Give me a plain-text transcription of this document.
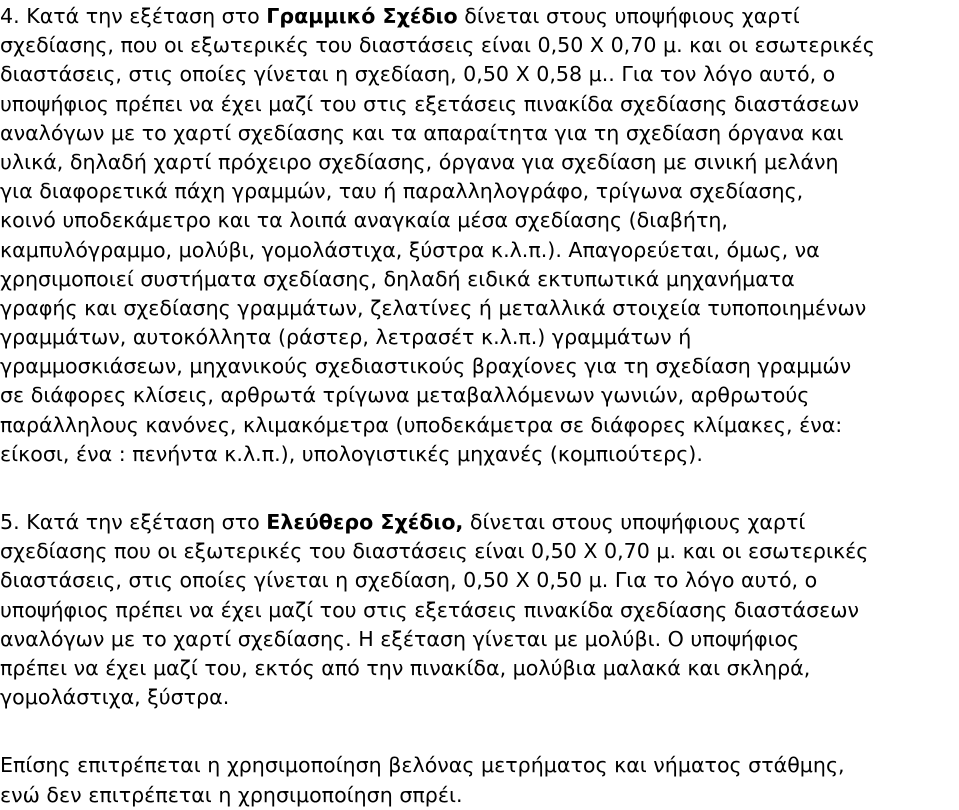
4. Κατά την εξέταση στο Γραμμικό Σχέδιο δίνεται στους υποψήφιους χαρτί
σχεδίασης, που οι εξωτερικές του διαστάσεις είναι 0,50 Χ 0,70 μ. και οι εσωτερικές
διαστάσεις, στις οποίες γίνεται η σχεδίαση, 0,50 Χ 0,58 μ.. Για τον λόγο αυτό, ο
υποψήφιος πρέπει να έχει μαζί του στις εξετάσεις πινακίδα σχεδίασης διαστάσεων
αναλόγων με το χαρτί σχεδίασης και τα απαραίτητα για τη σχεδίαση όργανα και
υλικά, δηλαδή χαρτί πρόχειρο σχεδίασης, όργανα για σχεδίαση με σινική μελάνη
για διαφορετικά πάχη γραμμών, ταυ ή παραλληλογράφο, τρίγωνα σχεδίασης,
κοινό υποδεκάμετρο και τα λοιπά αναγκαία μέσα σχεδίασης (διαβήτη,
καμπυλόγραμμο, μολύβι, γομολάστιχα, ξύστρα κ.λ.π.). Απαγορεύεται, όμως, να
χρησιμοποιεί συστήματα σχεδίασης, δηλαδή ειδικά εκτυπωτικά μηχανήματα
γραφής και σχεδίασης γραμμάτων, ζελατίνες ή μεταλλικά στοιχεία τυποποιημένων
γραμμάτων, αυτοκόλλητα (ράστερ, λετρασέτ κ.λ.π.) γραμμάτων ή
γραμμοσκιάσεων, μηχανικούς σχεδιαστικούς βραχίονες για τη σχεδίαση γραμμών
σε διάφορες κλίσεις, αρθρωτά τρίγωνα μεταβαλλόμενων γωνιών, αρθρωτούς
παράλληλους κανόνες, κλιμακόμετρα (υποδεκάμετρα σε διάφορες κλίμακες, ένα:
είκοσι, ένα : πενήντα κ.λ.π.), υπολογιστικές μηχανές (κομπιούτερς).
5. Κατά την εξέταση στο Ελεύθερο Σχέδιο, δίνεται στους υποψήφιους χαρτί
σχεδίασης που οι εξωτερικές του διαστάσεις είναι 0,50 Χ 0,70 μ. και οι εσωτερικές
διαστάσεις, στις οποίες γίνεται η σχεδίαση, 0,50 Χ 0,50 μ. Για το λόγο αυτό, ο
υποψήφιος πρέπει να έχει μαζί του στις εξετάσεις πινακίδα σχεδίασης διαστάσεων
αναλόγων με το χαρτί σχεδίασης. Η εξέταση γίνεται με μολύβι. Ο υποψήφιος
πρέπει να έχει μαζί του, εκτός από την πινακίδα, μολύβια μαλακά και σκληρά,
γομολάστιχα, ξύστρα.
Επίσης επιτρέπεται η χρησιμοποίηση βελόνας μετρήματος και νήματος στάθμης,
ενώ δεν επιτρέπεται η χρησιμοποίηση σπρέι.
